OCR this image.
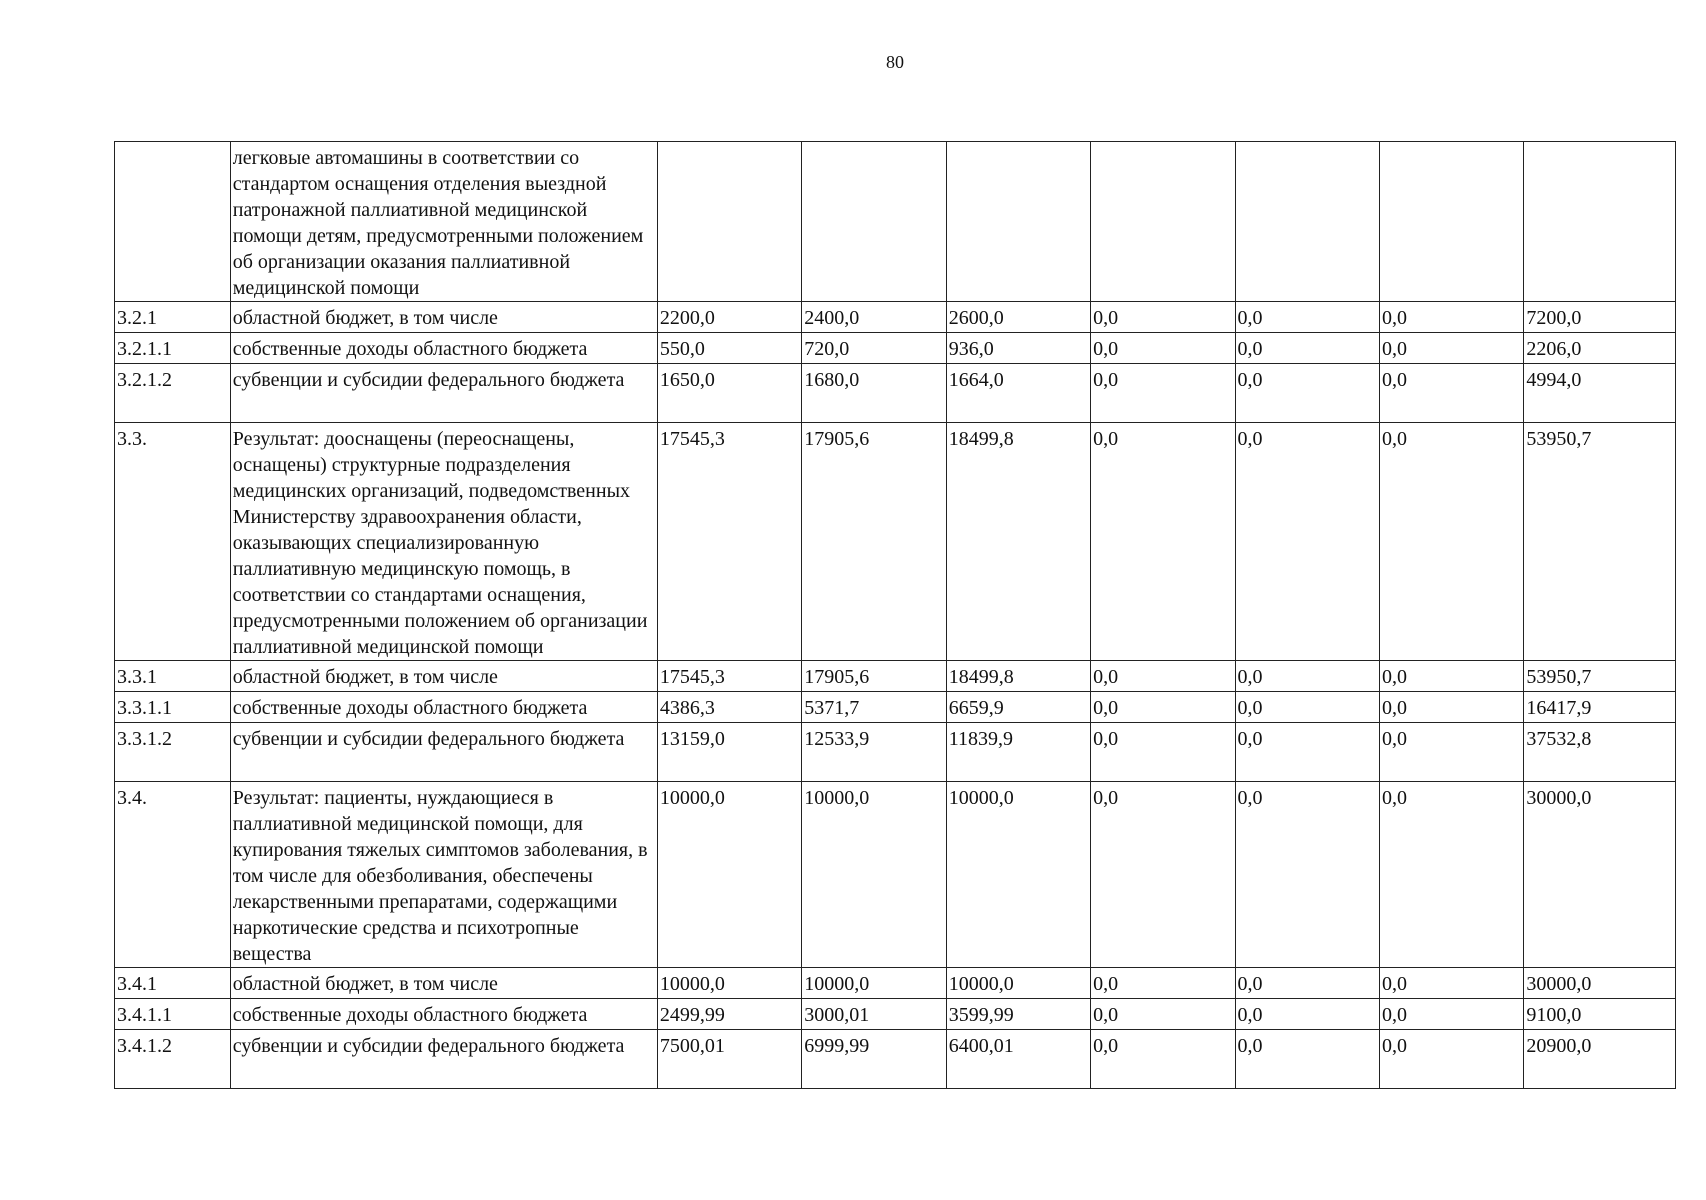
80
	легковые автомашины в соответствии со стандартом оснащения отделения выездной патронажной паллиативной медицинской помощи детям, предусмотренными положением об организации оказания паллиативной медицинской помощи							
3.2.1	областной бюджет, в том числе	2200,0	2400,0	2600,0	0,0	0,0	0,0	7200,0
3.2.1.1	собственные доходы областного бюджета	550,0	720,0	936,0	0,0	0,0	0,0	2206,0
3.2.1.2	субвенции и субсидии федерального бюджета	1650,0	1680,0	1664,0	0,0	0,0	0,0	4994,0
3.3.	Результат: дооснащены (переоснащены, оснащены) структурные подразделения медицинских организаций, подведомственных Министерству здравоохранения области, оказывающих специализированную паллиативную медицинскую помощь, в соответствии со стандартами оснащения, предусмотренными положением об организации паллиативной медицинской помощи	17545,3	17905,6	18499,8	0,0	0,0	0,0	53950,7
3.3.1	областной бюджет, в том числе	17545,3	17905,6	18499,8	0,0	0,0	0,0	53950,7
3.3.1.1	собственные доходы областного бюджета	4386,3	5371,7	6659,9	0,0	0,0	0,0	16417,9
3.3.1.2	субвенции и субсидии федерального бюджета	13159,0	12533,9	11839,9	0,0	0,0	0,0	37532,8
3.4.	Результат: пациенты, нуждающиеся в паллиативной медицинской помощи, для купирования тяжелых симптомов заболевания, в том числе для обезболивания, обеспечены лекарственными препаратами, содержащими наркотические средства и психотропные вещества	10000,0	10000,0	10000,0	0,0	0,0	0,0	30000,0
3.4.1	областной бюджет, в том числе	10000,0	10000,0	10000,0	0,0	0,0	0,0	30000,0
3.4.1.1	собственные доходы областного бюджета	2499,99	3000,01	3599,99	0,0	0,0	0,0	9100,0
3.4.1.2	субвенции и субсидии федерального бюджета	7500,01	6999,99	6400,01	0,0	0,0	0,0	20900,0
